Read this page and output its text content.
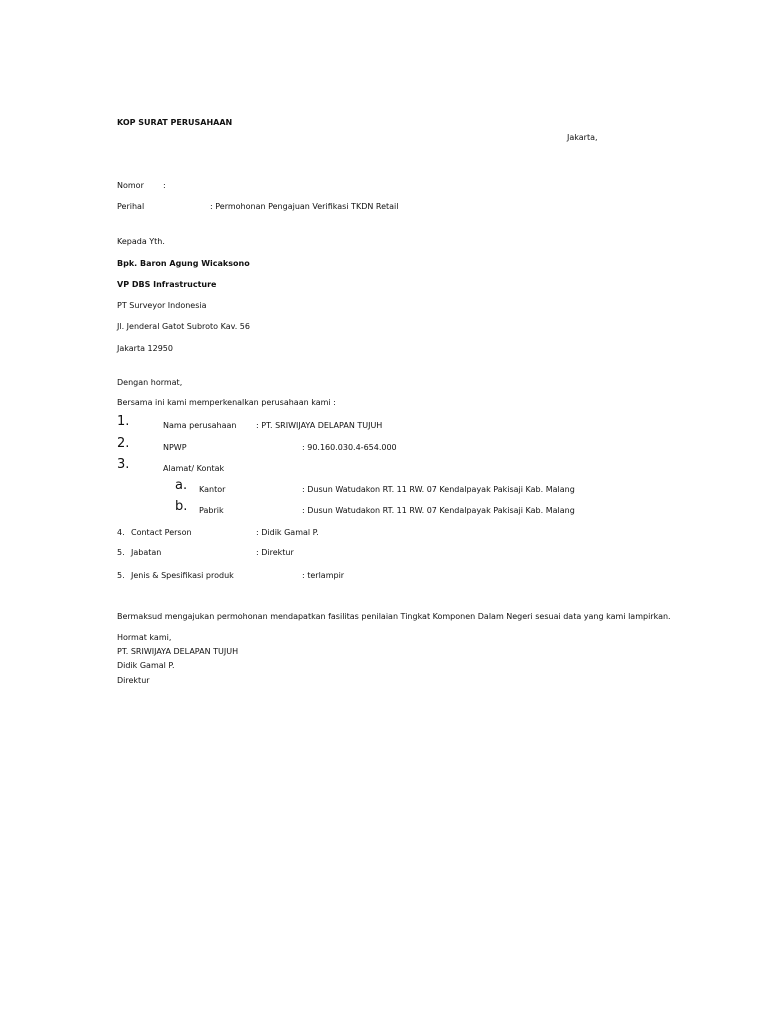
KOP SURAT PERUSAHAAN
Jakarta,
Nomor :
Perihal	: Permohonan Pengajuan Verifikasi TKDN Retail
Kepada Yth.
Bpk. Baron Agung Wicaksono
VP DBS Infrastructure
PT Surveyor Indonesia
Jl. Jenderal Gatot Subroto Kav. 56
Jakarta 12950
Dengan hormat,
Bersama ini kami memperkenalkan perusahaan kami :
1.	Nama perusahaan : PT. SRIWIJAYA DELAPAN TUJUH
2.	NPWP	: 90.160.030.4-654.000
3.	Alamat/ Kontak
a. Kantor	: Dusun Watudakon RT. 11 RW. 07 Kendalpayak Pakisaji Kab. Malang
b. Pabrik	: Dusun Watudakon RT. 11 RW. 07 Kendalpayak Pakisaji Kab. Malang
4. Contact Person	: Didik Gamal P.
5. Jabatan	: Direktur
5. Jenis & Spesifikasi produk	: terlampir
Bermaksud mengajukan permohonan mendapatkan fasilitas penilaian Tingkat Komponen Dalam Negeri sesuai data yang kami lampirkan.
Hormat kami,
PT. SRIWIJAYA DELAPAN TUJUH
Didik Gamal P.
Direktur
